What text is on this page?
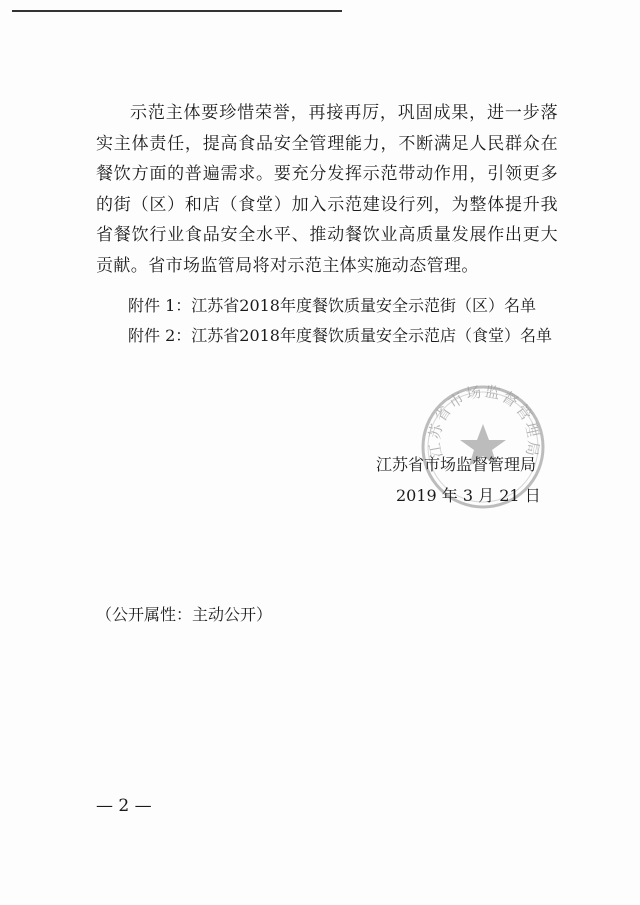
示范主体要珍惜荣誉，再接再厉，巩固成果，进一步落实主体责任，提高食品安全管理能力，不断满足人民群众在餐饮方面的普遍需求。要充分发挥示范带动作用，引领更多的街（区）和店（食堂）加入示范建设行列，为整体提升我省餐饮行业食品安全水平、推动餐饮业高质量发展作出更大贡献。省市场监管局将对示范主体实施动态管理。

附件 1：江苏省2018年度餐饮质量安全示范街（区）名单
附件 2：江苏省2018年度餐饮质量安全示范店（食堂）名单
江苏省市场监督管理局
江苏省市场监督管理局
2019 年 3 月 21 日
（公开属性：主动公开）
— 2 —
